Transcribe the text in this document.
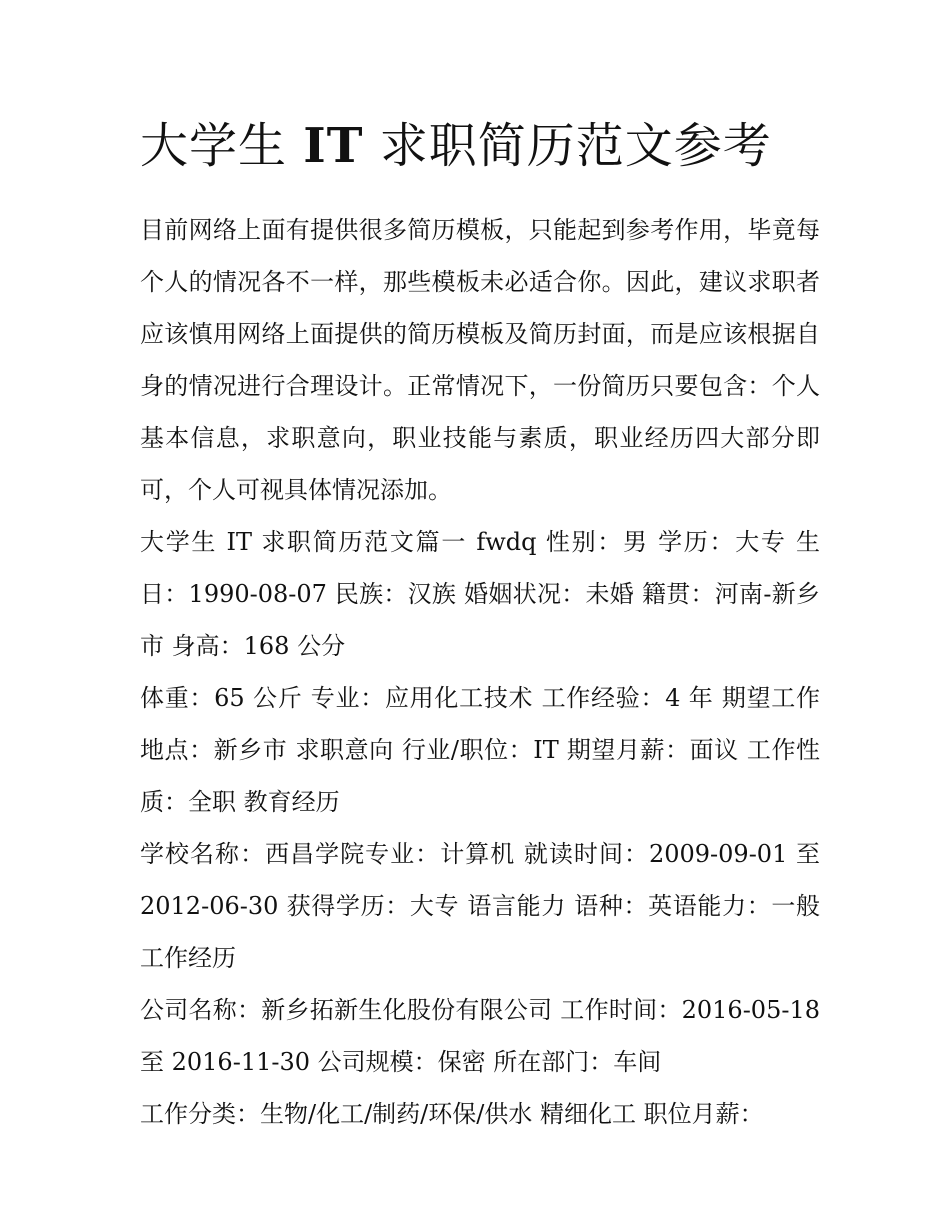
大学生 IT 求职简历范文参考

目前网络上面有提供很多简历模板，只能起到参考作用，毕竟每个人的情况各不一样，那些模板未必适合你。因此，建议求职者应该慎用网络上面提供的简历模板及简历封面，而是应该根据自身的情况进行合理设计。正常情况下，一份简历只要包含：个人基本信息，求职意向，职业技能与素质，职业经历四大部分即可，个人可视具体情况添加。

大学生 IT 求职简历范文篇一 fwdq 性别：男 学历：大专 生日：1990-08-07 民族：汉族 婚姻状况：未婚 籍贯：河南-新乡市 身高：168 公分

体重：65 公斤 专业：应用化工技术 工作经验：4 年 期望工作地点：新乡市 求职意向 行业/职位：IT 期望月薪：面议 工作性质：全职 教育经历

学校名称：西昌学院专业：计算机 就读时间：2009-09-01 至 2012-06-30 获得学历：大专 语言能力 语种：英语能力：一般 工作经历

公司名称：新乡拓新生化股份有限公司 工作时间：2016-05-18 至 2016-11-30 公司规模：保密 所在部门：车间

工作分类：生物/化工/制药/环保/供水 精细化工 职位月薪：
